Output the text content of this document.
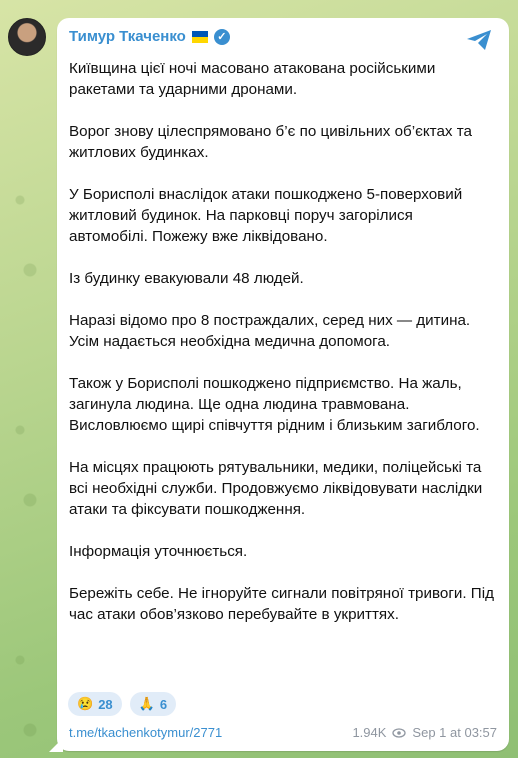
Тимур Ткаченко	✓

Київщина цієї ночі масовано атакована російськими ракетами та ударними дронами.

Ворог знову цілеспрямовано б’є по цивільних об’єктах та житлових будинках.

У Борисполі внаслідок атаки пошкоджено 5-поверховий житловий будинок. На парковці поруч загорілися автомобілі. Пожежу вже ліквідовано.

Із будинку евакуювали 48 людей.

Наразі відомо про 8 постраждалих, серед них — дитина. Усім надається необхідна медична допомога.

Також у Борисполі пошкоджено підприємство. На жаль, загинула людина. Ще одна людина травмована. Висловлюємо щирі співчуття рідним і близьким загиблого.

На місцях працюють рятувальники, медики, поліцейські та всі необхідні служби. Продовжуємо ліквідовувати наслідки атаки та фіксувати пошкодження.

Інформація уточнюється.

Бережіть себе. Не ігноруйте сигнали повітряної тривоги. Під час атаки обов’язково перебувайте в укриттях.

😢 28 🙏 6
t.me/tkachenkotymur/2771	1.94K Sep 1 at 03:57
